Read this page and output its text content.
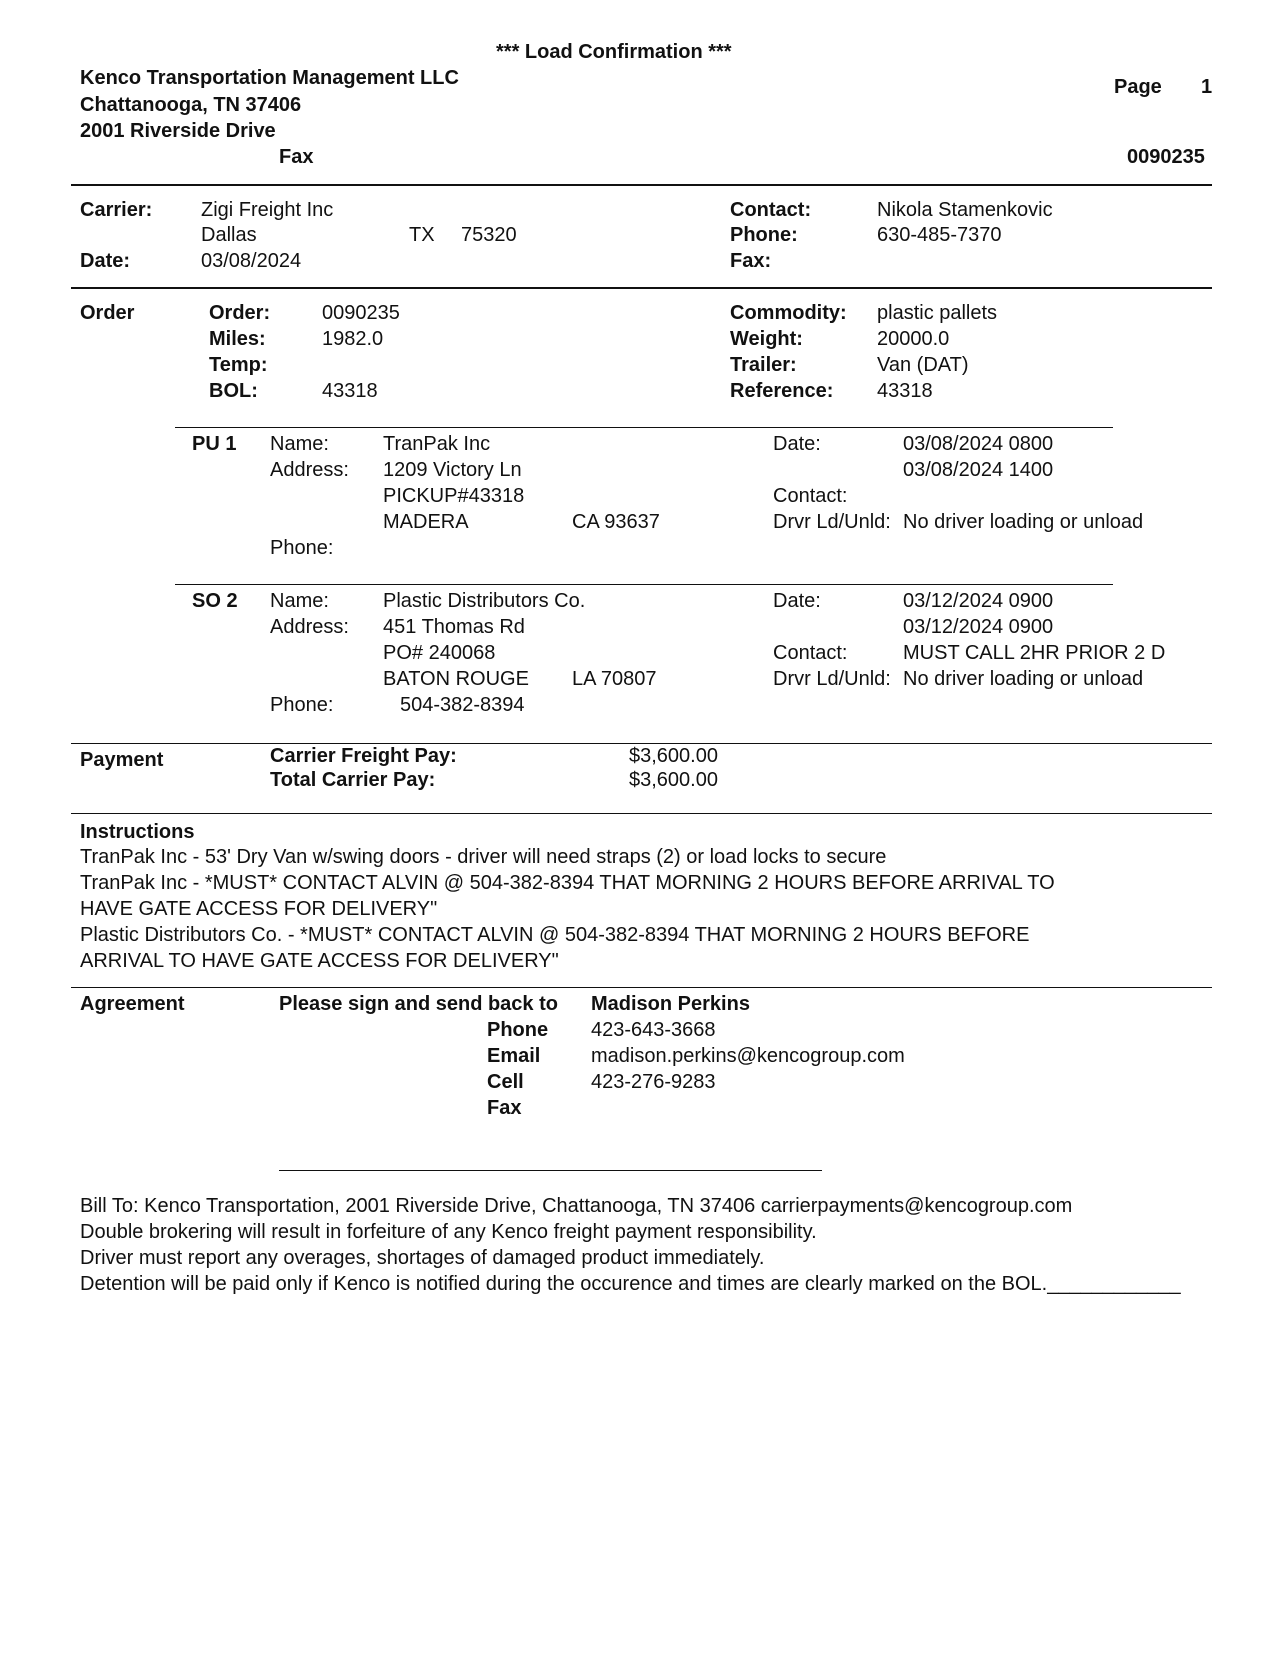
*** Load Confirmation ***
Kenco Transportation Management LLC
Chattanooga, TN 37406
2001 Riverside Drive
Fax
Page 1
0090235
Carrier: Zigi Freight Inc
Dallas	TX 75320
Date:	03/08/2024
Contact:	Nikola Stamenkovic
Phone:	630-485-7370
Fax:
Order	Order:	0090235
Miles:	1982.0
Temp:
BOL:	43318
Commodity: plastic pallets
Weight:	20000.0
Trailer:	Van (DAT)
Reference: 43318
PU 1 Name:	TranPak Inc
Address: 1209 Victory Ln
PICKUP#43318
MADERA	CA 93637
Phone:
Date:	03/08/2024 0800
03/08/2024 1400
Contact:
Drvr Ld/Unld: No driver loading or unload
SO 2 Name:	Plastic Distributors Co.
Address: 451 Thomas Rd
PO# 240068
BATON ROUGE LA 70807
Phone:	504-382-8394
Date:	03/12/2024 0900
03/12/2024 0900
Contact:	MUST CALL 2HR PRIOR 2 D
Drvr Ld/Unld: No driver loading or unload
Payment	Carrier Freight Pay:	$3,600.00
Total Carrier Pay:	$3,600.00
Instructions
TranPak Inc - 53' Dry Van w/swing doors - driver will need straps (2) or load locks to secure
TranPak Inc - *MUST* CONTACT ALVIN @ 504-382-8394 THAT MORNING 2 HOURS BEFORE ARRIVAL TO
HAVE GATE ACCESS FOR DELIVERY"
Plastic Distributors Co. - *MUST* CONTACT ALVIN @ 504-382-8394 THAT MORNING 2 HOURS BEFORE
ARRIVAL TO HAVE GATE ACCESS FOR DELIVERY"
Agreement	Please sign and send back to Madison Perkins
Phone 423-643-3668
Email	madison.perkins@kencogroup.com
Cell	423-276-9283
Fax
Bill To: Kenco Transportation, 2001 Riverside Drive, Chattanooga, TN 37406 carrierpayments@kencogroup.com
Double brokering will result in forfeiture of any Kenco freight payment responsibility.
Driver must report any overages, shortages of damaged product immediately.
Detention will be paid only if Kenco is notified during the occurence and times are clearly marked on the BOL.____________
